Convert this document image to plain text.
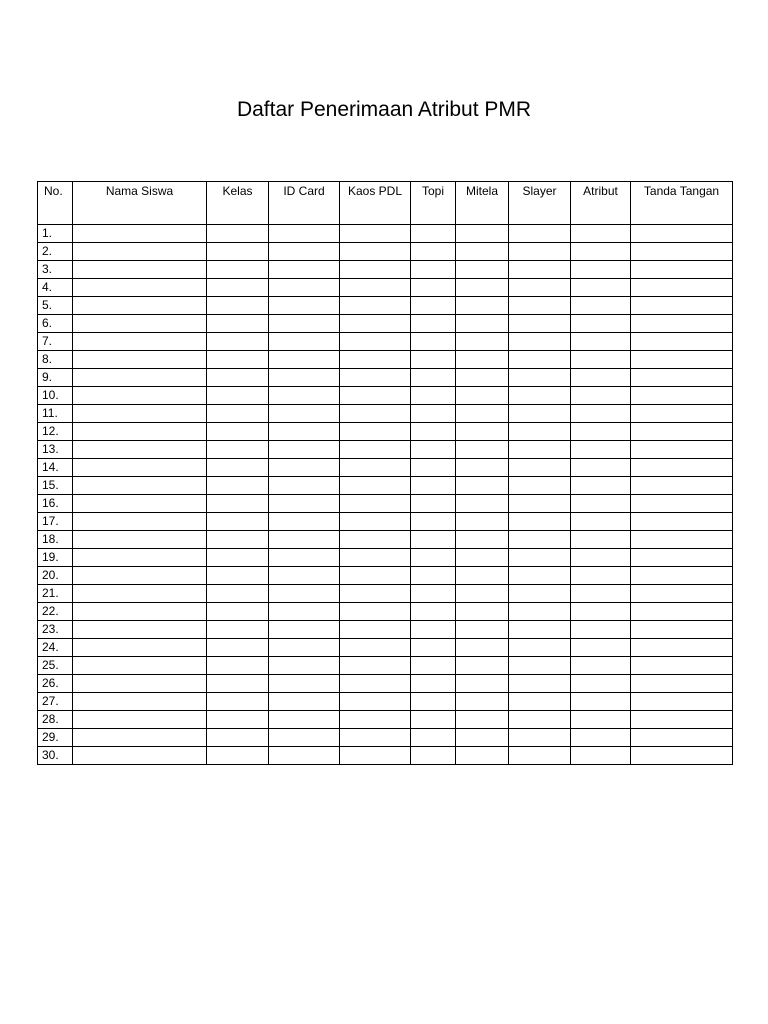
Daftar Penerimaan Atribut PMR
No.	Nama Siswa	Kelas	ID Card	Kaos PDL	Topi	Mitela	Slayer	Atribut	Tanda Tangan
1.									
2.									
3.									
4.									
5.									
6.									
7.									
8.									
9.									
10.									
11.									
12.									
13.									
14.									
15.									
16.									
17.									
18.									
19.									
20.									
21.									
22.									
23.									
24.									
25.									
26.									
27.									
28.									
29.									
30.									
